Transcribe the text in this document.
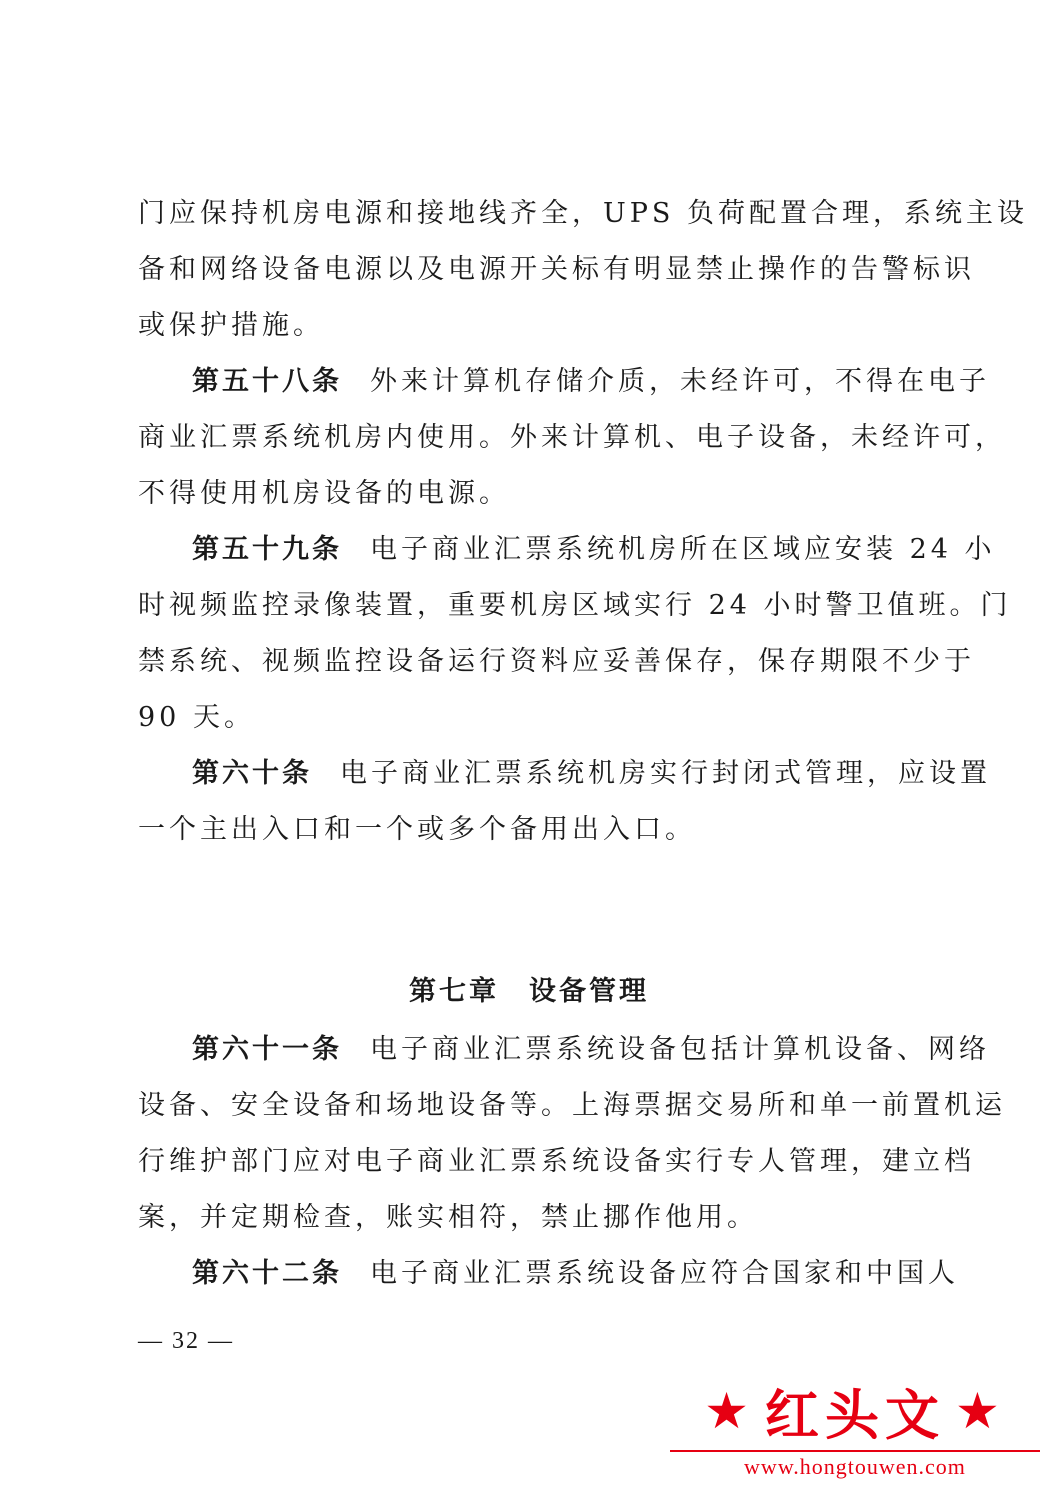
门应保持机房电源和接地线齐全，UPS 负荷配置合理，系统主设
备和网络设备电源以及电源开关标有明显禁止操作的告警标识
或保护措施。
第五十八条 外来计算机存储介质，未经许可，不得在电子
商业汇票系统机房内使用。外来计算机、电子设备，未经许可，
不得使用机房设备的电源。
第五十九条 电子商业汇票系统机房所在区域应安装 24 小
时视频监控录像装置，重要机房区域实行 24 小时警卫值班。门
禁系统、视频监控设备运行资料应妥善保存，保存期限不少于
90 天。
第六十条 电子商业汇票系统机房实行封闭式管理，应设置
一个主出入口和一个或多个备用出入口。
第七章　设备管理
第六十一条 电子商业汇票系统设备包括计算机设备、网络
设备、安全设备和场地设备等。上海票据交易所和单一前置机运
行维护部门应对电子商业汇票系统设备实行专人管理，建立档
案，并定期检查，账实相符，禁止挪作他用。
第六十二条 电子商业汇票系统设备应符合国家和中国人
— 32 —
★ 红头文 ★
www.hongtouwen.com
